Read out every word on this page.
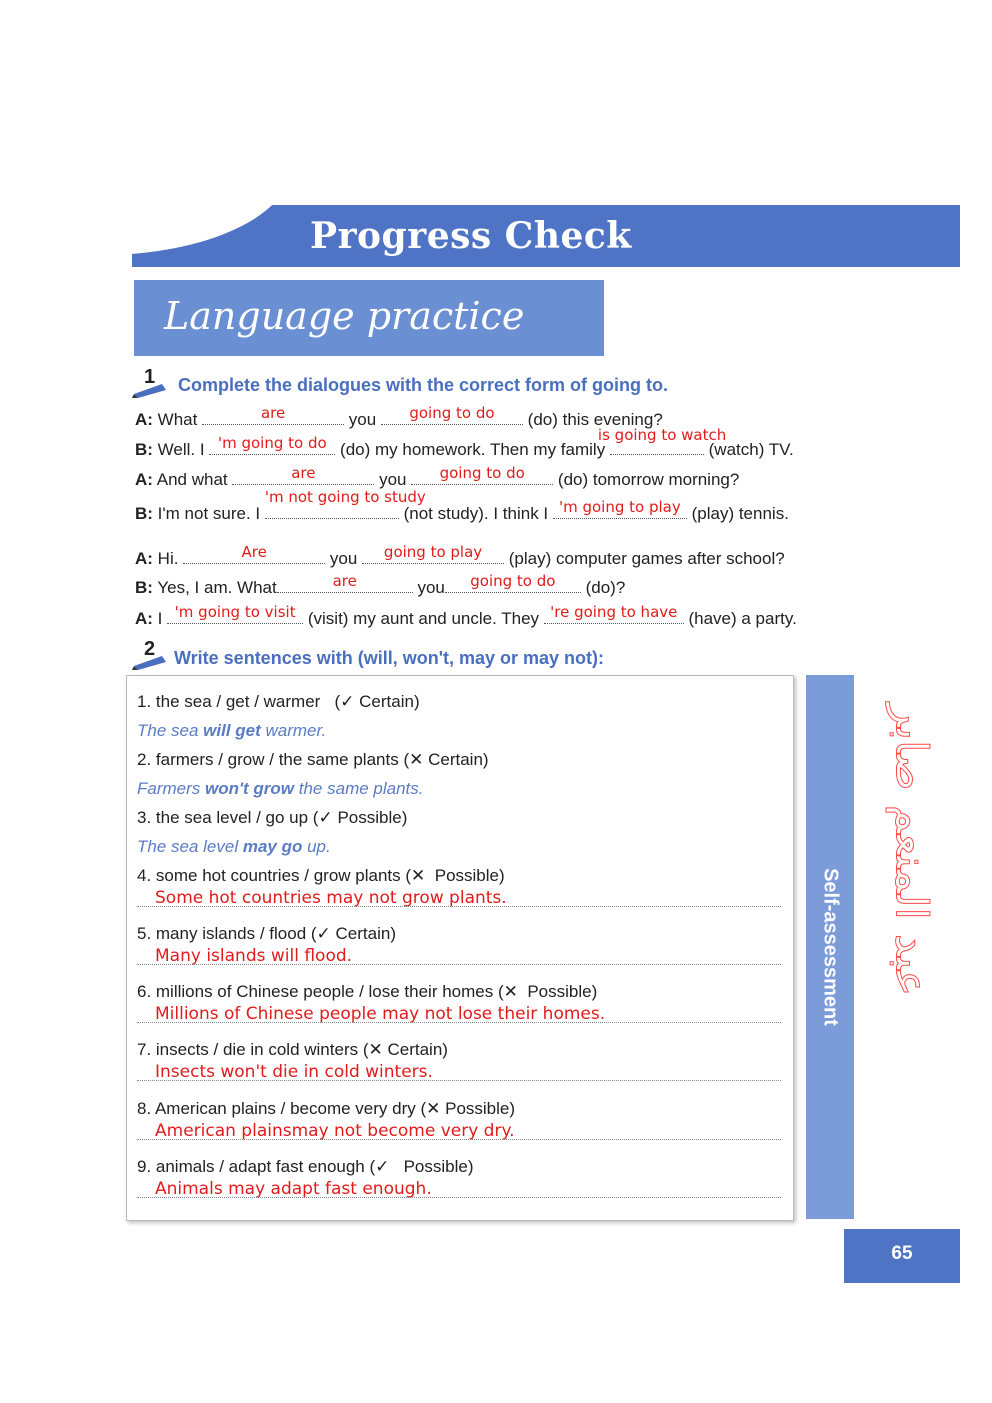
Progress Check
Language practice
1 Complete the dialogues with the correct form of going to.
A: What	are	you	going to do	(do) this evening?
B: Well. I 'm going to do (do) my homework. Then my family
is going to watch
(watch) TV.
A: And what	are	you	going to do	(do) tomorrow morning?
B: I'm not sure. I
'm not going to study
(not study). I think I 'm going to play (play) tennis.
A: Hi.	Are	you	going to play	(play) computer games after school?
B: Yes, I am. What	are	you	going to do	(do)?
A: I 'm going to visit (visit) my aunt and uncle. They 're going to have (have) a party.
2 Write sentences with (will, won't, may or may not):
1. the sea / get / warmer   (✓ Certain)
The sea will get warmer.
2. farmers / grow / the same plants (✕ Certain)
Farmers won't grow the same plants.
3. the sea level / go up (✓ Possible)
The sea level may go up.
4. some hot countries / grow plants (✕ Possible)
Some hot countries may not grow plants.
5. many islands / flood (✓ Certain)
Many islands will flood.
6. millions of Chinese people / lose their homes (✕ Possible)
Millions of Chinese people may not lose their homes.
7. insects / die in cold winters (✕ Certain)
Insects won't die in cold winters.
8. American plains / become very dry (✕ Possible)
American plainsmay not become very dry.
9. animals / adapt fast enough (✓ Possible)
Animals may adapt fast enough.
Self-assessment عبد المنعم صابر
65
